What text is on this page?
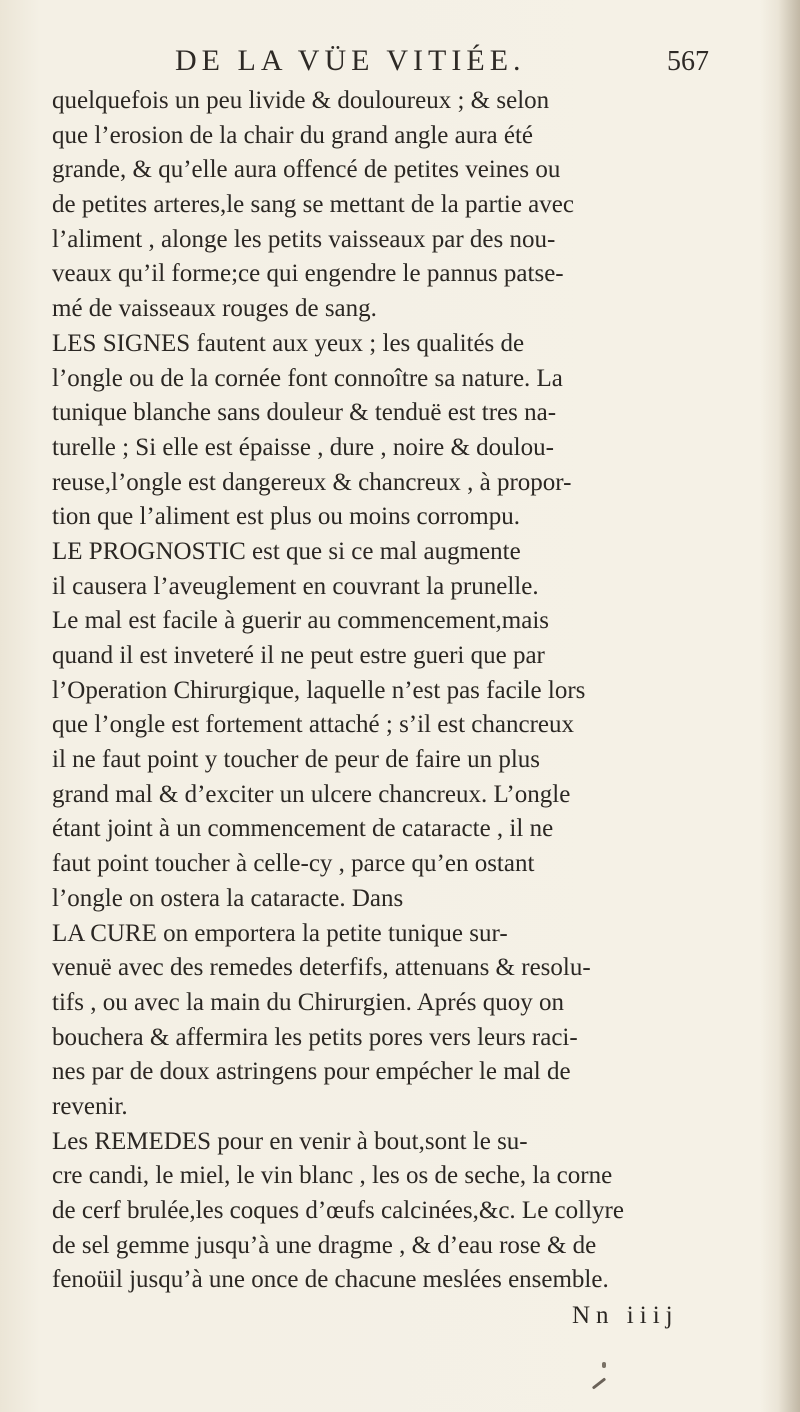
DE LA VÜE VITIÉE.	567
quelquefois un peu livide & douloureux ; & selon
que l’erosion de la chair du grand angle aura été
grande, & qu’elle aura offencé de petites veines ou
de petites arteres,le sang se mettant de la partie avec
l’aliment , alonge les petits vaisseaux par des nou-
veaux qu’il forme;ce qui engendre le pannus patse-
mé de vaisseaux rouges de sang.
LES SIGNES fautent aux yeux ; les qualités de
l’ongle ou de la cornée font connoître sa nature. La
tunique blanche sans douleur & tenduë est tres na-
turelle ; Si elle est épaisse , dure , noire & doulou-
reuse,l’ongle est dangereux & chancreux , à propor-
tion que l’aliment est plus ou moins corrompu.
LE PROGNOSTIC est que si ce mal augmente
il causera l’aveuglement en couvrant la prunelle.
Le mal est facile à guerir au commencement,mais
quand il est inveteré il ne peut estre gueri que par
l’Operation Chirurgique, laquelle n’est pas facile lors
que l’ongle est fortement attaché ; s’il est chancreux
il ne faut point y toucher de peur de faire un plus
grand mal & d’exciter un ulcere chancreux. L’ongle
étant joint à un commencement de cataracte , il ne
faut point toucher à celle-cy , parce qu’en ostant
l’ongle on ostera la cataracte. Dans
LA CURE on emportera la petite tunique sur-
venuë avec des remedes deterfifs, attenuans & resolu-
tifs , ou avec la main du Chirurgien. Aprés quoy on
bouchera & affermira les petits pores vers leurs raci-
nes par de doux astringens pour empécher le mal de
revenir.
Les REMEDES pour en venir à bout,sont le su-
cre candi, le miel, le vin blanc , les os de seche, la corne
de cerf brulée,les coques d’œufs calcinées,&c. Le collyre
de sel gemme jusqu’à une dragme , & d’eau rose & de
fenoüil jusqu’à une once de chacune meslées ensemble.
Nn iiij
